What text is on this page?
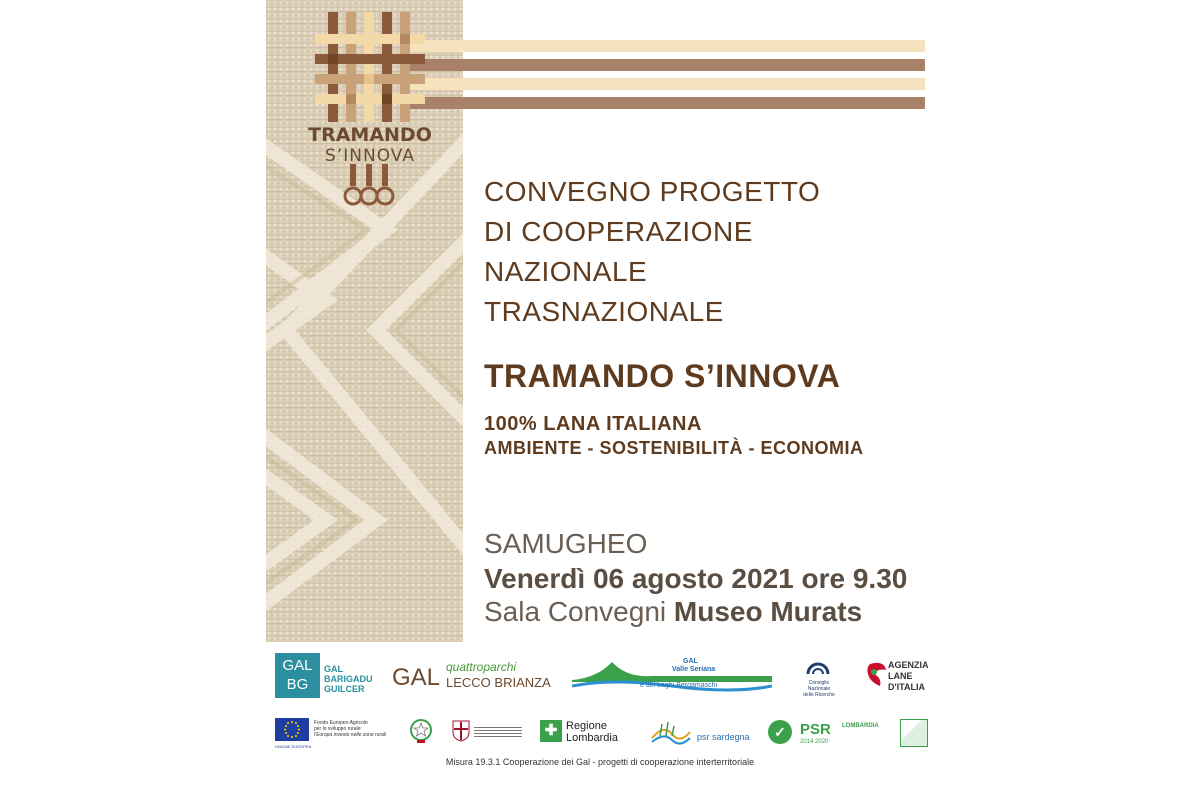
TRAMANDO
S’INNOVA
CONVEGNO PROGETTO
DI COOPERAZIONE
NAZIONALE
TRASNAZIONALE
TRAMANDO S’INNOVA
100% LANA ITALIANA
AMBIENTE - SOSTENIBILITÀ - ECONOMIA
SAMUGHEO
Venerdì 06 agosto 2021 ore 9.30
Sala Convegni Museo Murats
GAL
BG
GAL
BARIGADU
GUILCER	GAL quattroparchi
LECCO BRIANZA
GAL
Valle Seriana
e dei Laghi Bergamaschi	Consiglio Nazionale
delle Ricerche
AGENZIA
LANE
D'ITALIA
UNIONE EUROPEA
Fondo Europeo Agricolo
per lo sviluppo rurale:
l'Europa investe nelle zone rurali	✚ Regione
Lombardia	psr sardegna	✓ PSR
2014 2020
LOMBARDIA
Misura 19.3.1 Cooperazione dei Gal - progetti di cooperazione interterritoriale
